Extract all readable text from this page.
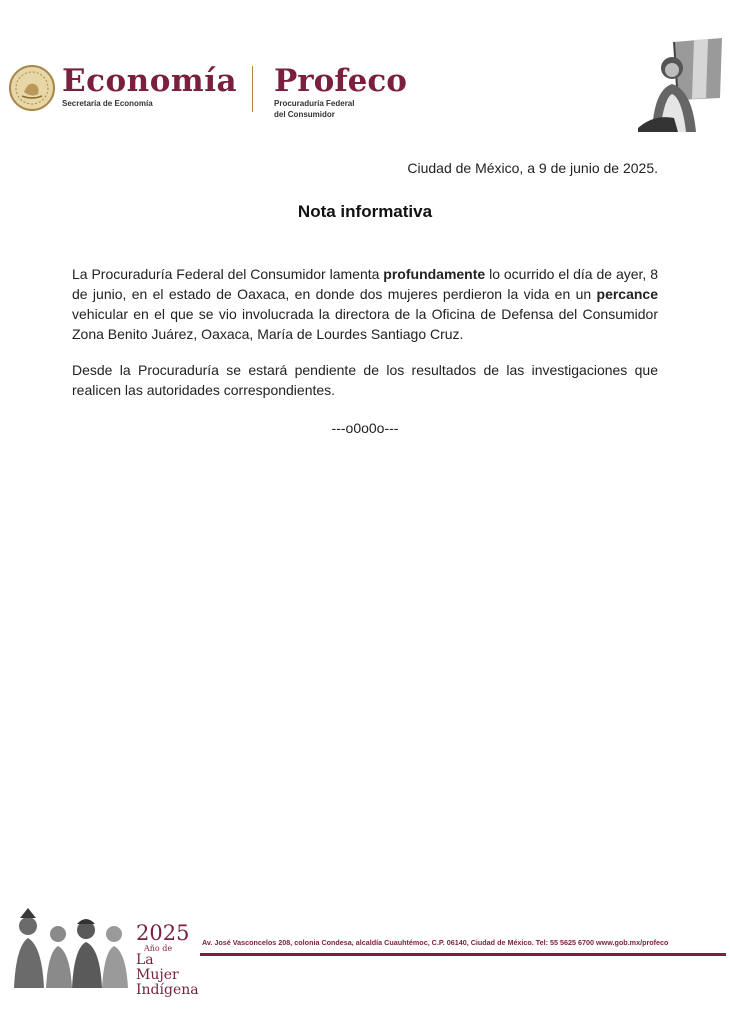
Economía
Secretaría de Economía
Profeco
Procuraduría Federal
del Consumidor
Ciudad de México, a 9 de junio de 2025.
Nota informativa
La Procuraduría Federal del Consumidor lamenta profundamente lo ocurrido el día de ayer, 8 de junio, en el estado de Oaxaca, en donde dos mujeres perdieron la vida en un percance vehicular en el que se vio involucrada la directora de la Oficina de Defensa del Consumidor Zona Benito Juárez, Oaxaca, María de Lourdes Santiago Cruz.
Desde la Procuraduría se estará pendiente de los resultados de las investigaciones que realicen las autoridades correspondientes.
---o0o0o---
2025
Año de
La Mujer
Indígena
Av. José Vasconcelos 208, colonia Condesa, alcaldía Cuauhtémoc, C.P. 06140, Ciudad de México. Tel: 55 5625 6700 www.gob.mx/profeco
